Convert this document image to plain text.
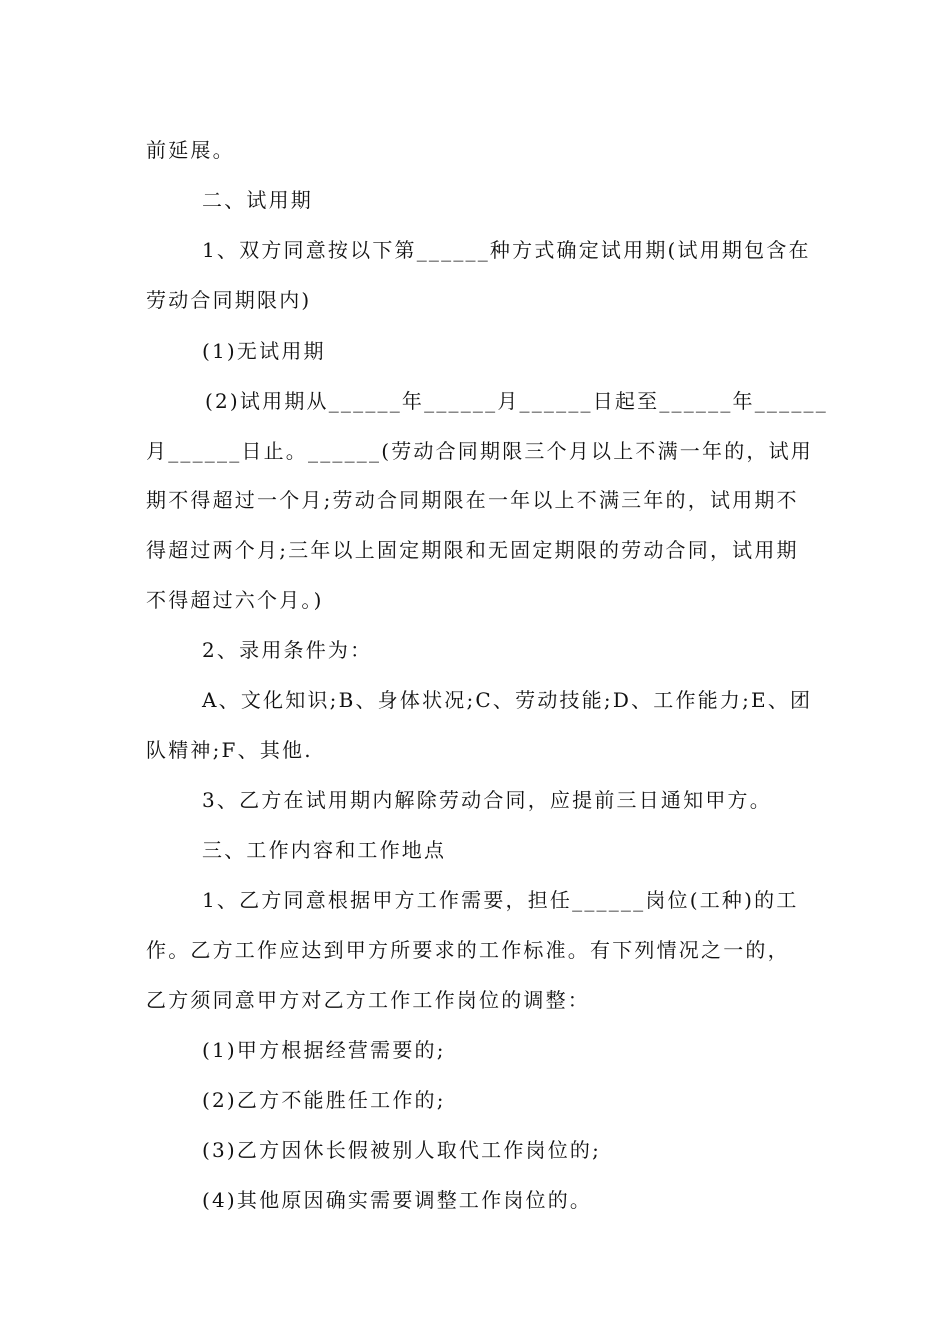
前延展。
二、试用期
1、双方同意按以下第______种方式确定试用期(试用期包含在
劳动合同期限内)
(1)无试用期
(2)试用期从______年______月______日起至______年______
月______日止。______(劳动合同期限三个月以上不满一年的，试用
期不得超过一个月;劳动合同期限在一年以上不满三年的，试用期不
得超过两个月;三年以上固定期限和无固定期限的劳动合同，试用期
不得超过六个月。)
2、录用条件为：
A、文化知识;B、身体状况;C、劳动技能;D、工作能力;E、团
队精神;F、其他.
3、乙方在试用期内解除劳动合同，应提前三日通知甲方。
三、工作内容和工作地点
1、乙方同意根据甲方工作需要，担任______岗位(工种)的工
作。乙方工作应达到甲方所要求的工作标准。有下列情况之一的，
乙方须同意甲方对乙方工作工作岗位的调整：
(1)甲方根据经营需要的;
(2)乙方不能胜任工作的;
(3)乙方因休长假被别人取代工作岗位的;
(4)其他原因确实需要调整工作岗位的。
